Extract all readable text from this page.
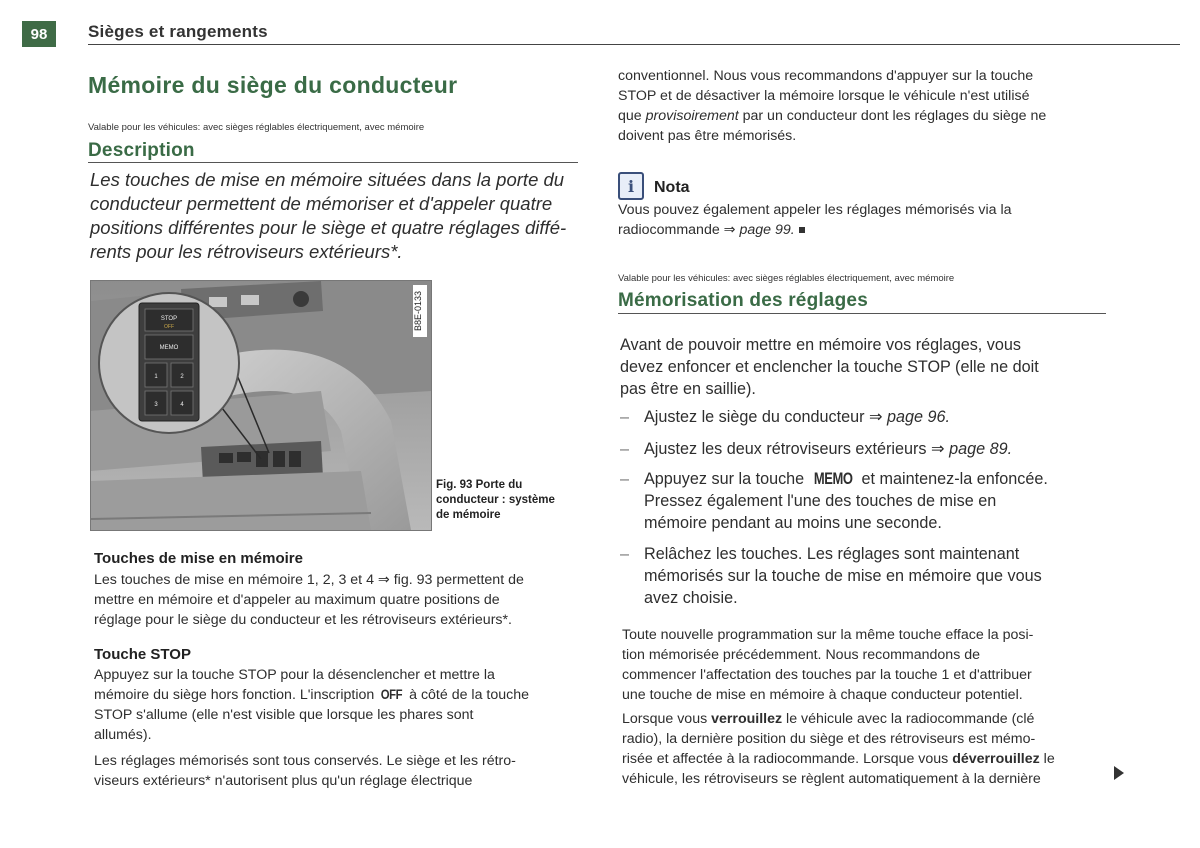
98	Sièges et rangements
Mémoire du siège du conducteur
Valable pour les véhicules: avec sièges réglables électriquement, avec mémoire
Description
Les touches de mise en mémoire situées dans la porte du
conducteur permettent de mémoriser et d'appeler quatre
positions différentes pour le siège et quatre réglages diffé-
rents pour les rétroviseurs extérieurs*.
STOP
OFF
MEMO
1	2
3	4
B8E-0133
Fig. 93 Porte du
conducteur : système
de mémoire
Touches de mise en mémoire
Les touches de mise en mémoire 1, 2, 3 et 4 ⇒ fig. 93 permettent de
mettre en mémoire et d'appeler au maximum quatre positions de
réglage pour le siège du conducteur et les rétroviseurs extérieurs*.
Touche STOP
Appuyez sur la touche STOP pour la désenclencher et mettre la
mémoire du siège hors fonction. L'inscription OFF à côté de la touche
STOP s'allume (elle n'est visible que lorsque les phares sont
allumés).
Les réglages mémorisés sont tous conservés. Le siège et les rétro-
viseurs extérieurs* n'autorisent plus qu'un réglage électrique
conventionnel. Nous vous recommandons d'appuyer sur la touche
STOP et de désactiver la mémoire lorsque le véhicule n'est utilisé
que provisoirement par un conducteur dont les réglages du siège ne
doivent pas être mémorisés.
i	Nota
Vous pouvez également appeler les réglages mémorisés via la
radiocommande ⇒ page 99.
Valable pour les véhicules: avec sièges réglables électriquement, avec mémoire
Mémorisation des réglages
Avant de pouvoir mettre en mémoire vos réglages, vous
devez enfoncer et enclencher la touche STOP (elle ne doit
pas être en saillie).
– Ajustez le siège du conducteur ⇒ page 96.
– Ajustez les deux rétroviseurs extérieurs ⇒ page 89.
– Appuyez sur la touche MEMO et maintenez-la enfoncée.
Pressez également l'une des touches de mise en
mémoire pendant au moins une seconde.
– Relâchez les touches. Les réglages sont maintenant
mémorisés sur la touche de mise en mémoire que vous
avez choisie.
Toute nouvelle programmation sur la même touche efface la posi-
tion mémorisée précédemment. Nous recommandons de
commencer l'affectation des touches par la touche 1 et d'attribuer
une touche de mise en mémoire à chaque conducteur potentiel.
Lorsque vous verrouillez le véhicule avec la radiocommande (clé
radio), la dernière position du siège et des rétroviseurs est mémo-
risée et affectée à la radiocommande. Lorsque vous déverrouillez le
véhicule, les rétroviseurs se règlent automatiquement à la dernière
